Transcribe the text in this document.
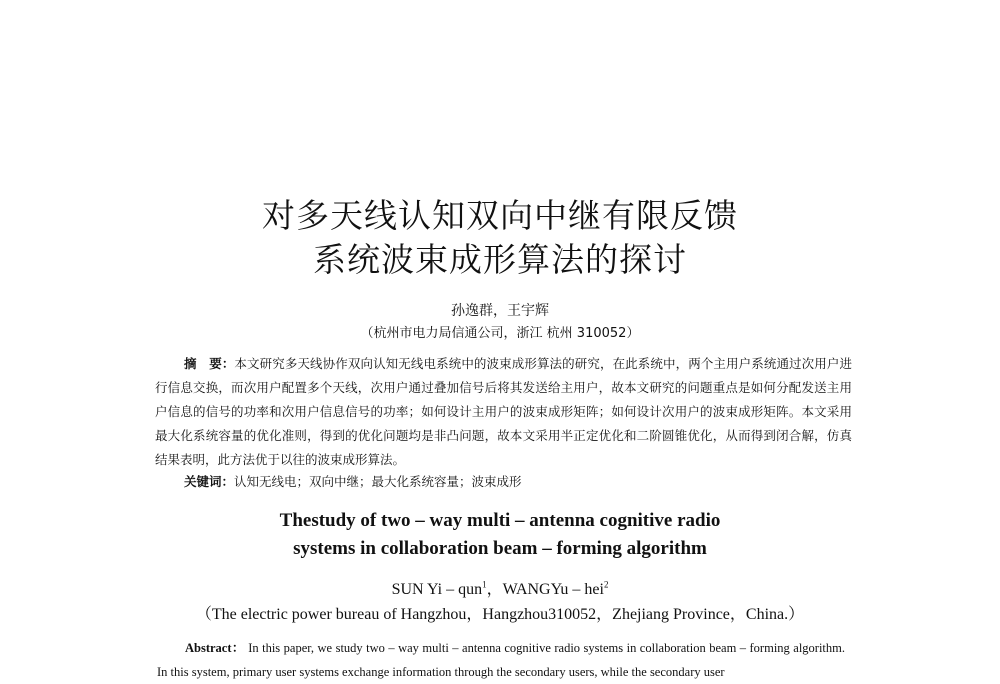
对多天线认知双向中继有限反馈
系统波束成形算法的探讨
孙逸群，王宇辉
（杭州市电力局信通公司，浙江 杭州 310052）
摘　要：本文研究多天线协作双向认知无线电系统中的波束成形算法的研究，在此系统中，两个主用户系统通过次用户进行信息交换，而次用户配置多个天线，次用户通过叠加信号后将其发送给主用户，故本文研究的问题重点是如何分配发送主用户信息的信号的功率和次用户信息信号的功率；如何设计主用户的波束成形矩阵；如何设计次用户的波束成形矩阵。本文采用最大化系统容量的优化准则，得到的优化问题均是非凸问题，故本文采用半正定优化和二阶圆锥优化，从而得到闭合解，仿真结果表明，此方法优于以往的波束成形算法。
关键词：认知无线电；双向中继；最大化系统容量；波束成形
Thestudy of two – way multi – antenna cognitive radio
systems in collaboration beam – forming algorithm
SUN Yi – qun$^1$，WANGYu – hei$^2$
（The electric power bureau of Hangzhou，Hangzhou310052，Zhejiang Province，China.）
Abstract： In this paper, we study two – way multi – antenna cognitive radio systems in collaboration beam – forming algorithm. In this system, primary user systems exchange information through the secondary users, while the secondary user
